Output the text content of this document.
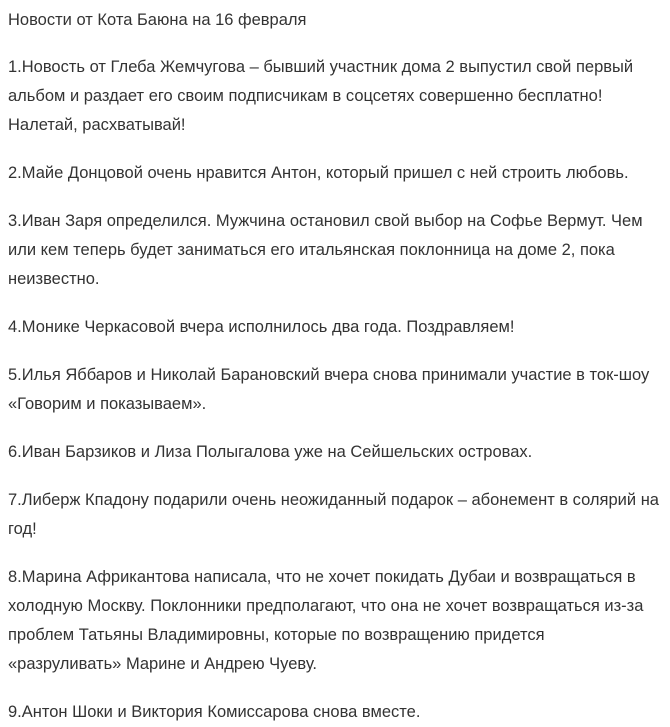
Новости от Кота Баюна на 16 февраля

1.Новость от Глеба Жемчугова – бывший участник дома 2 выпустил свой первый альбом и раздает его своим подписчикам в соцсетях совершенно бесплатно! Налетай, расхватывай!

2.Майе Донцовой очень нравится Антон, который пришел с ней строить любовь.

3.Иван Заря определился. Мужчина остановил свой выбор на Софье Вермут. Чем или кем теперь будет заниматься его итальянская поклонница на доме 2, пока неизвестно.

4.Монике Черкасовой вчера исполнилось два года. Поздравляем!

5.Илья Яббаров и Николай Барановский вчера снова принимали участие в ток-шоу «Говорим и показываем».

6.Иван Барзиков и Лиза Полыгалова уже на Сейшельских островах.

7.Либерж Кпадону подарили очень неожиданный подарок – абонемент в солярий на год!

8.Марина Африкантова написала, что не хочет покидать Дубаи и возвращаться в холодную Москву. Поклонники предполагают, что она не хочет возвращаться из-за проблем Татьяны Владимировны, которые по возвращению придется «разруливать» Марине и Андрею Чуеву.

9.Антон Шоки и Виктория Комиссарова снова вместе.
